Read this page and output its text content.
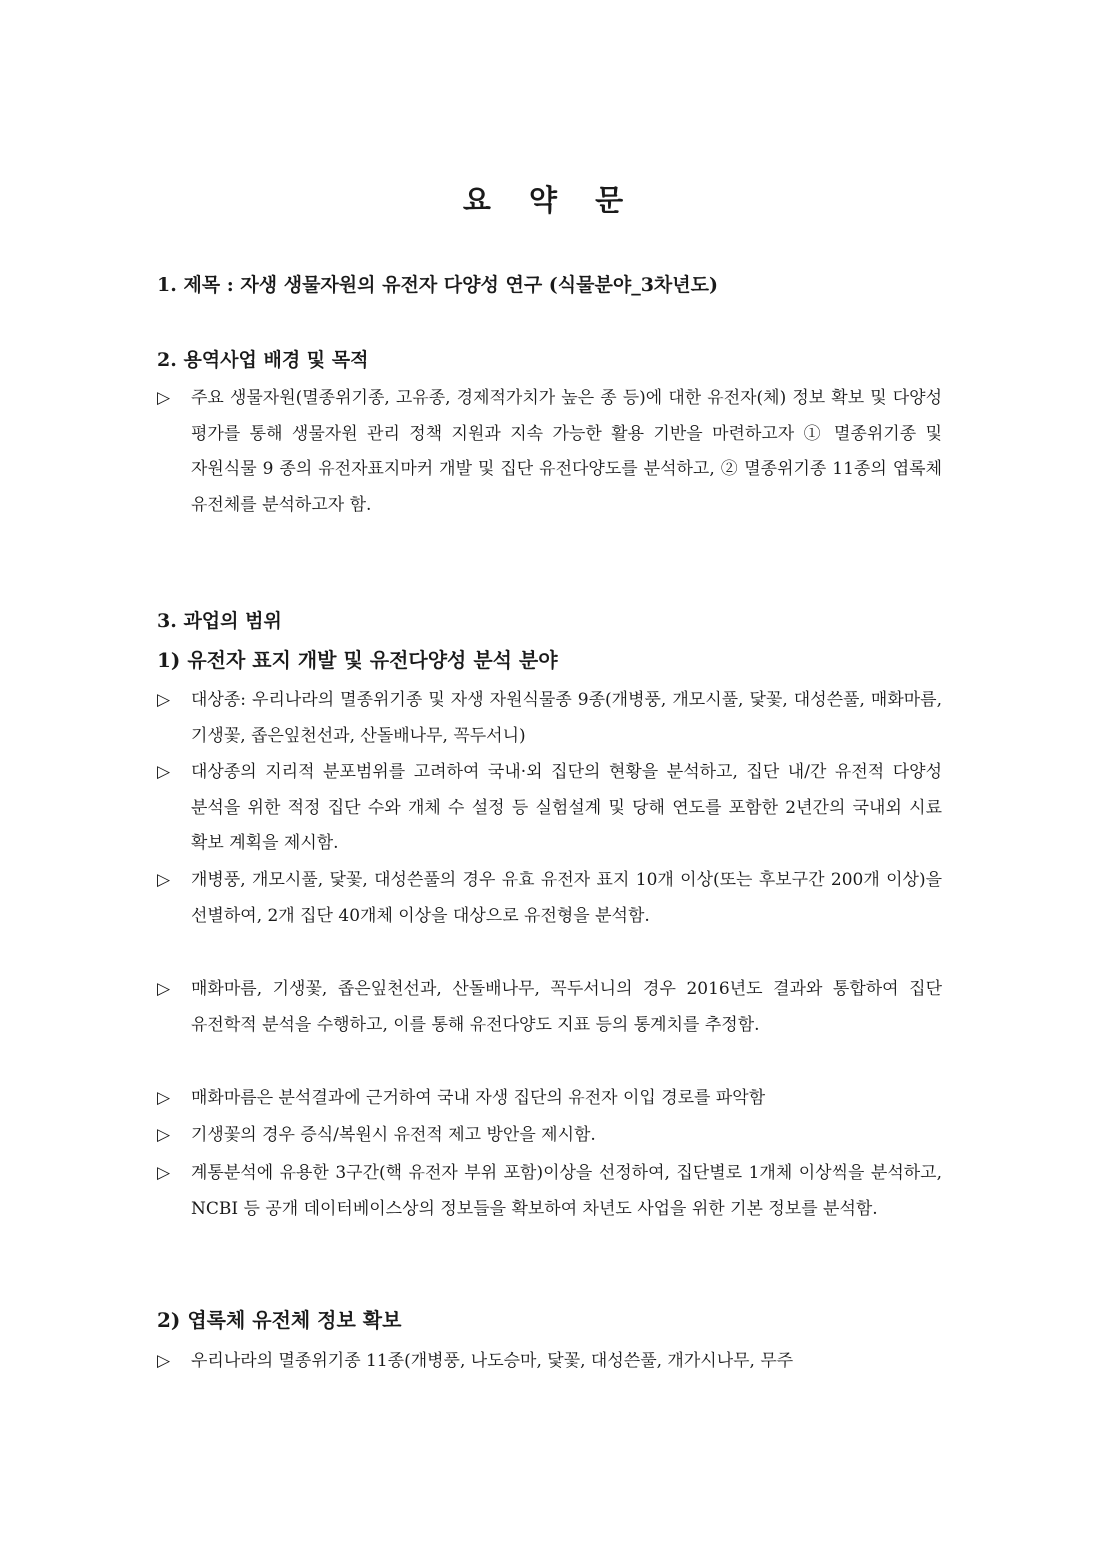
요 약 문
1. 제목 : 자생 생물자원의 유전자 다양성 연구 (식물분야_3차년도)
2. 용역사업 배경 및 목적
▷	주요 생물자원(멸종위기종, 고유종, 경제적가치가 높은 종 등)에 대한 유전자(체) 정보 확보 및 다양성 평가를 통해 생물자원 관리 정책 지원과 지속 가능한 활용 기반을 마련하고자 ① 멸종위기종 및 자원식물 9 종의 유전자표지마커 개발 및 집단 유전다양도를 분석하고, ② 멸종위기종 11종의 엽록체 유전체를 분석하고자 함.
3. 과업의 범위
1) 유전자 표지 개발 및 유전다양성 분석 분야
▷	대상종: 우리나라의 멸종위기종 및 자생 자원식물종 9종(개병풍, 개모시풀, 닻꽃, 대성쓴풀, 매화마름, 기생꽃, 좁은잎천선과, 산돌배나무, 꼭두서니)
▷	대상종의 지리적 분포범위를 고려하여 국내·외 집단의 현황을 분석하고, 집단 내/간 유전적 다양성 분석을 위한 적정 집단 수와 개체 수 설정 등 실험설계 및 당해 연도를 포함한 2년간의 국내외 시료 확보 계획을 제시함.
▷	개병풍, 개모시풀, 닻꽃, 대성쓴풀의 경우 유효 유전자 표지 10개 이상(또는 후보구간 200개 이상)을 선별하여, 2개 집단 40개체 이상을 대상으로 유전형을 분석함.
▷	매화마름, 기생꽃, 좁은잎천선과, 산돌배나무, 꼭두서니의 경우 2016년도 결과와 통합하여 집단 유전학적 분석을 수행하고, 이를 통해 유전다양도 지표 등의 통계치를 추정함.
▷	매화마름은 분석결과에 근거하여 국내 자생 집단의 유전자 이입 경로를 파악함
▷	기생꽃의 경우 증식/복원시 유전적 제고 방안을 제시함.
▷	계통분석에 유용한 3구간(핵 유전자 부위 포함)이상을 선정하여, 집단별로 1개체 이상씩을 분석하고, NCBI 등 공개 데이터베이스상의 정보들을 확보하여 차년도 사업을 위한 기본 정보를 분석함.
2) 엽록체 유전체 정보 확보
▷	우리나라의 멸종위기종 11종(개병풍, 나도승마, 닻꽃, 대성쓴풀, 개가시나무, 무주
